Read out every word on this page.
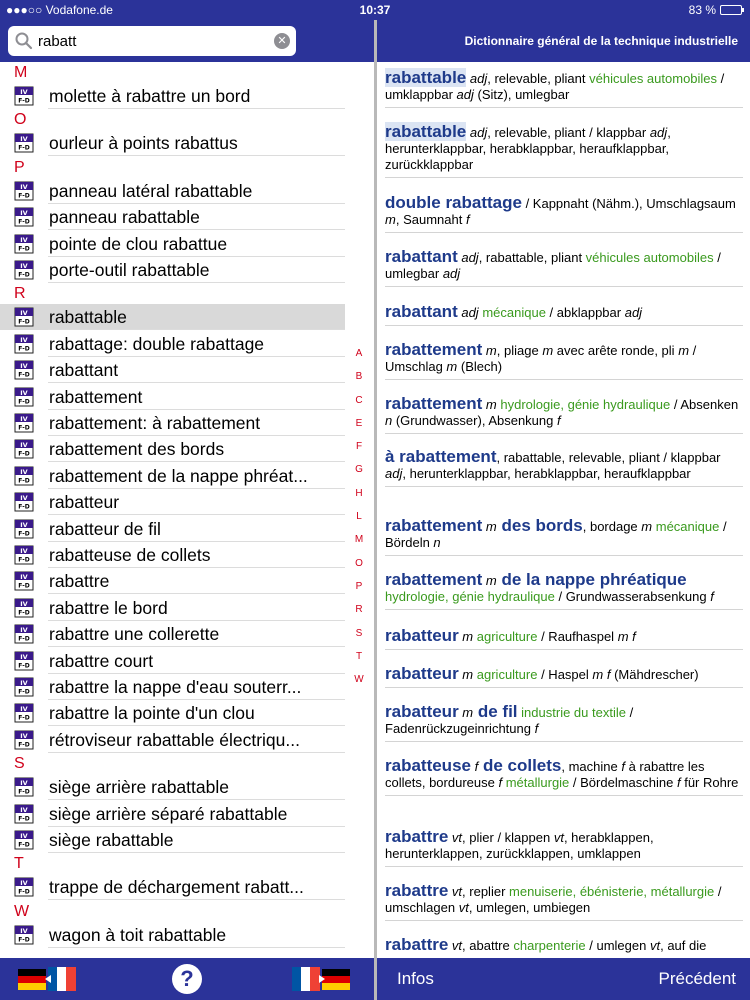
●●●○○ Vodafone.de	10:37	83 %
rabatt
✕
M
IV
F-D molette à rabattre un bord
O
IV
F-D ourleur à points rabattus
P
IV
F-D panneau latéral rabattable
IV
F-D panneau rabattable
IV
F-D pointe de clou rabattue
IV
F-D porte-outil rabattable
R
IV
F-D rabattable
IV
F-D rabattage: double rabattage
IV
F-D rabattant
IV
F-D rabattement
IV
F-D rabattement: à rabattement
IV
F-D rabattement des bords
IV
F-D rabattement de la nappe phréat...
IV
F-D rabatteur
IV
F-D rabatteur de fil
IV
F-D rabatteuse de collets
IV
F-D rabattre
IV
F-D rabattre le bord
IV
F-D rabattre une collerette
IV
F-D rabattre court
IV
F-D rabattre la nappe d'eau souterr...
IV
F-D rabattre la pointe d'un clou
IV
F-D rétroviseur rabattable électriqu...
S
IV
F-D siège arrière rabattable
IV
F-D siège arrière séparé rabattable
IV
F-D siège rabattable
T
IV
F-D trappe de déchargement rabatt...
W
IV
F-D wagon à toit rabattable
A
B
C
E
F
G
H
L
M
O
P
R
S
T
W
Dictionnaire général de la technique industrielle
rabattable adj, relevable, pliant véhicules automobiles / umklappbar adj (Sitz), umlegbar
rabattable adj, relevable, pliant / klappbar adj, herunterklappbar, herabklappbar, heraufklappbar, zurückklappbar
double rabattage / Kappnaht (Nähm.), Umschlagsaum m, Saumnaht f
rabattant adj, rabattable, pliant véhicules automobiles / umlegbar adj
rabattant adj mécanique / abklappbar adj
rabattement m, pliage m avec arête ronde, pli m / Umschlag m (Blech)
rabattement m hydrologie, génie hydraulique / Absenken n (Grundwasser), Absenkung f
à rabattement, rabattable, relevable, pliant / klappbar adj, herunterklappbar, herabklappbar, heraufklappbar
rabattement m des bords, bordage m mécanique / Bördeln n
rabattement m de la nappe phréatique hydrologie, génie hydraulique / Grundwasserabsenkung f
rabatteur m agriculture / Raufhaspel m f
rabatteur m agriculture / Haspel m f (Mähdrescher)
rabatteur m de fil industrie du textile / Fadenrückzugeinrichtung f
rabatteuse f de collets, machine f à rabattre les collets, bordureuse f métallurgie / Bördelmaschine f für Rohre
rabattre vt, plier / klappen vt, herabklappen, herunterklappen, zurückklappen, umklappen
rabattre vt, replier menuiserie, ébénisterie, métallurgie / umschlagen vt, umlegen, umbiegen
rabattre vt, abattre charpenterie / umlegen vt, auf die
?	Infos	Précédent
